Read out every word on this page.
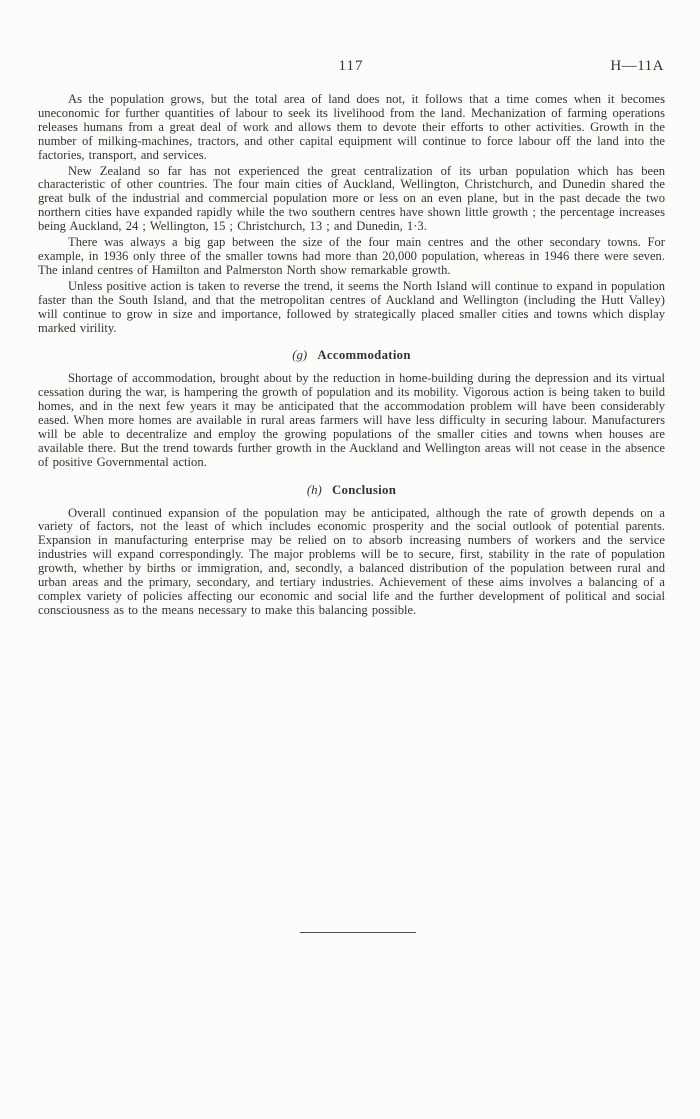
117	H—11A

As the population grows, but the total area of land does not, it follows that a time comes when it becomes uneconomic for further quantities of labour to seek its livelihood from the land. Mechanization of farming operations releases humans from a great deal of work and allows them to devote their efforts to other activities. Growth in the number of milking-machines, tractors, and other capital equipment will continue to force labour off the land into the factories, transport, and services.

New Zealand so far has not experienced the great centralization of its urban population which has been characteristic of other countries. The four main cities of Auckland, Wellington, Christchurch, and Dunedin shared the great bulk of the industrial and commercial population more or less on an even plane, but in the past decade the two northern cities have expanded rapidly while the two southern centres have shown little growth ; the percentage increases being Auckland, 24 ; Wellington, 15 ; Christchurch, 13 ; and Dunedin, 1·3.

There was always a big gap between the size of the four main centres and the other secondary towns. For example, in 1936 only three of the smaller towns had more than 20,000 population, whereas in 1946 there were seven. The inland centres of Hamilton and Palmerston North show remarkable growth.

Unless positive action is taken to reverse the trend, it seems the North Island will continue to expand in population faster than the South Island, and that the metropolitan centres of Auckland and Wellington (including the Hutt Valley) will continue to grow in size and importance, followed by strategically placed smaller cities and towns which display marked virility.

(g) Accommodation

Shortage of accommodation, brought about by the reduction in home-building during the depression and its virtual cessation during the war, is hampering the growth of population and its mobility. Vigorous action is being taken to build homes, and in the next few years it may be anticipated that the accommodation problem will have been considerably eased. When more homes are available in rural areas farmers will have less difficulty in securing labour. Manufacturers will be able to decentralize and employ the growing populations of the smaller cities and towns when houses are available there. But the trend towards further growth in the Auckland and Wellington areas will not cease in the absence of positive Governmental action.

(h) Conclusion

Overall continued expansion of the population may be anticipated, although the rate of growth depends on a variety of factors, not the least of which includes economic prosperity and the social outlook of potential parents. Expansion in manufacturing enterprise may be relied on to absorb increasing numbers of workers and the service industries will expand correspondingly. The major problems will be to secure, first, stability in the rate of population growth, whether by births or immigration, and, secondly, a balanced distribution of the population between rural and urban areas and the primary, secondary, and tertiary industries. Achievement of these aims involves a balancing of a complex variety of policies affecting our economic and social life and the further development of political and social consciousness as to the means necessary to make this balancing possible.
